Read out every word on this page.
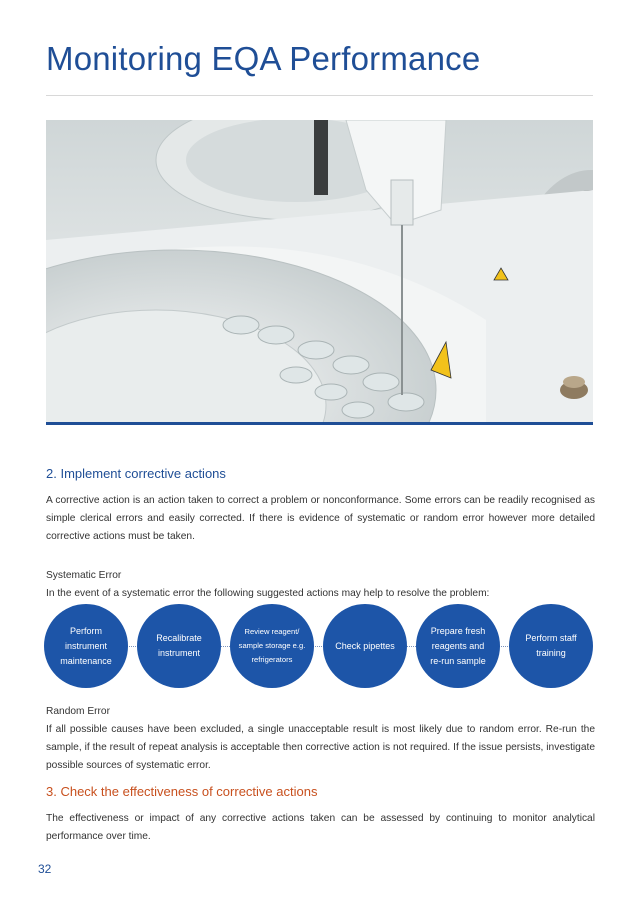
Monitoring EQA Performance
2. Implement corrective actions

A corrective action is an action taken to correct a problem or nonconformance. Some errors can be readily recognised as simple clerical errors and easily corrected. If there is evidence of systematic or random error however more detailed corrective actions must be taken.

Systematic Error
In the event of a systematic error the following suggested actions may help to resolve the problem:

Perform
instrument
maintenance
Recalibrate
instrument
Review reagent/
sample storage e.g.
refrigerators
Check pipettes
Prepare fresh
reagents and
re-run sample
Perform staff
training

Random Error
If all possible causes have been excluded, a single unacceptable result is most likely due to random error. Re-run the sample, if the result of repeat analysis is acceptable then corrective action is not required. If the issue persists, investigate possible sources of systematic error.

3. Check the effectiveness of corrective actions

The effectiveness or impact of any corrective actions taken can be assessed by continuing to monitor analytical performance over time.

32
